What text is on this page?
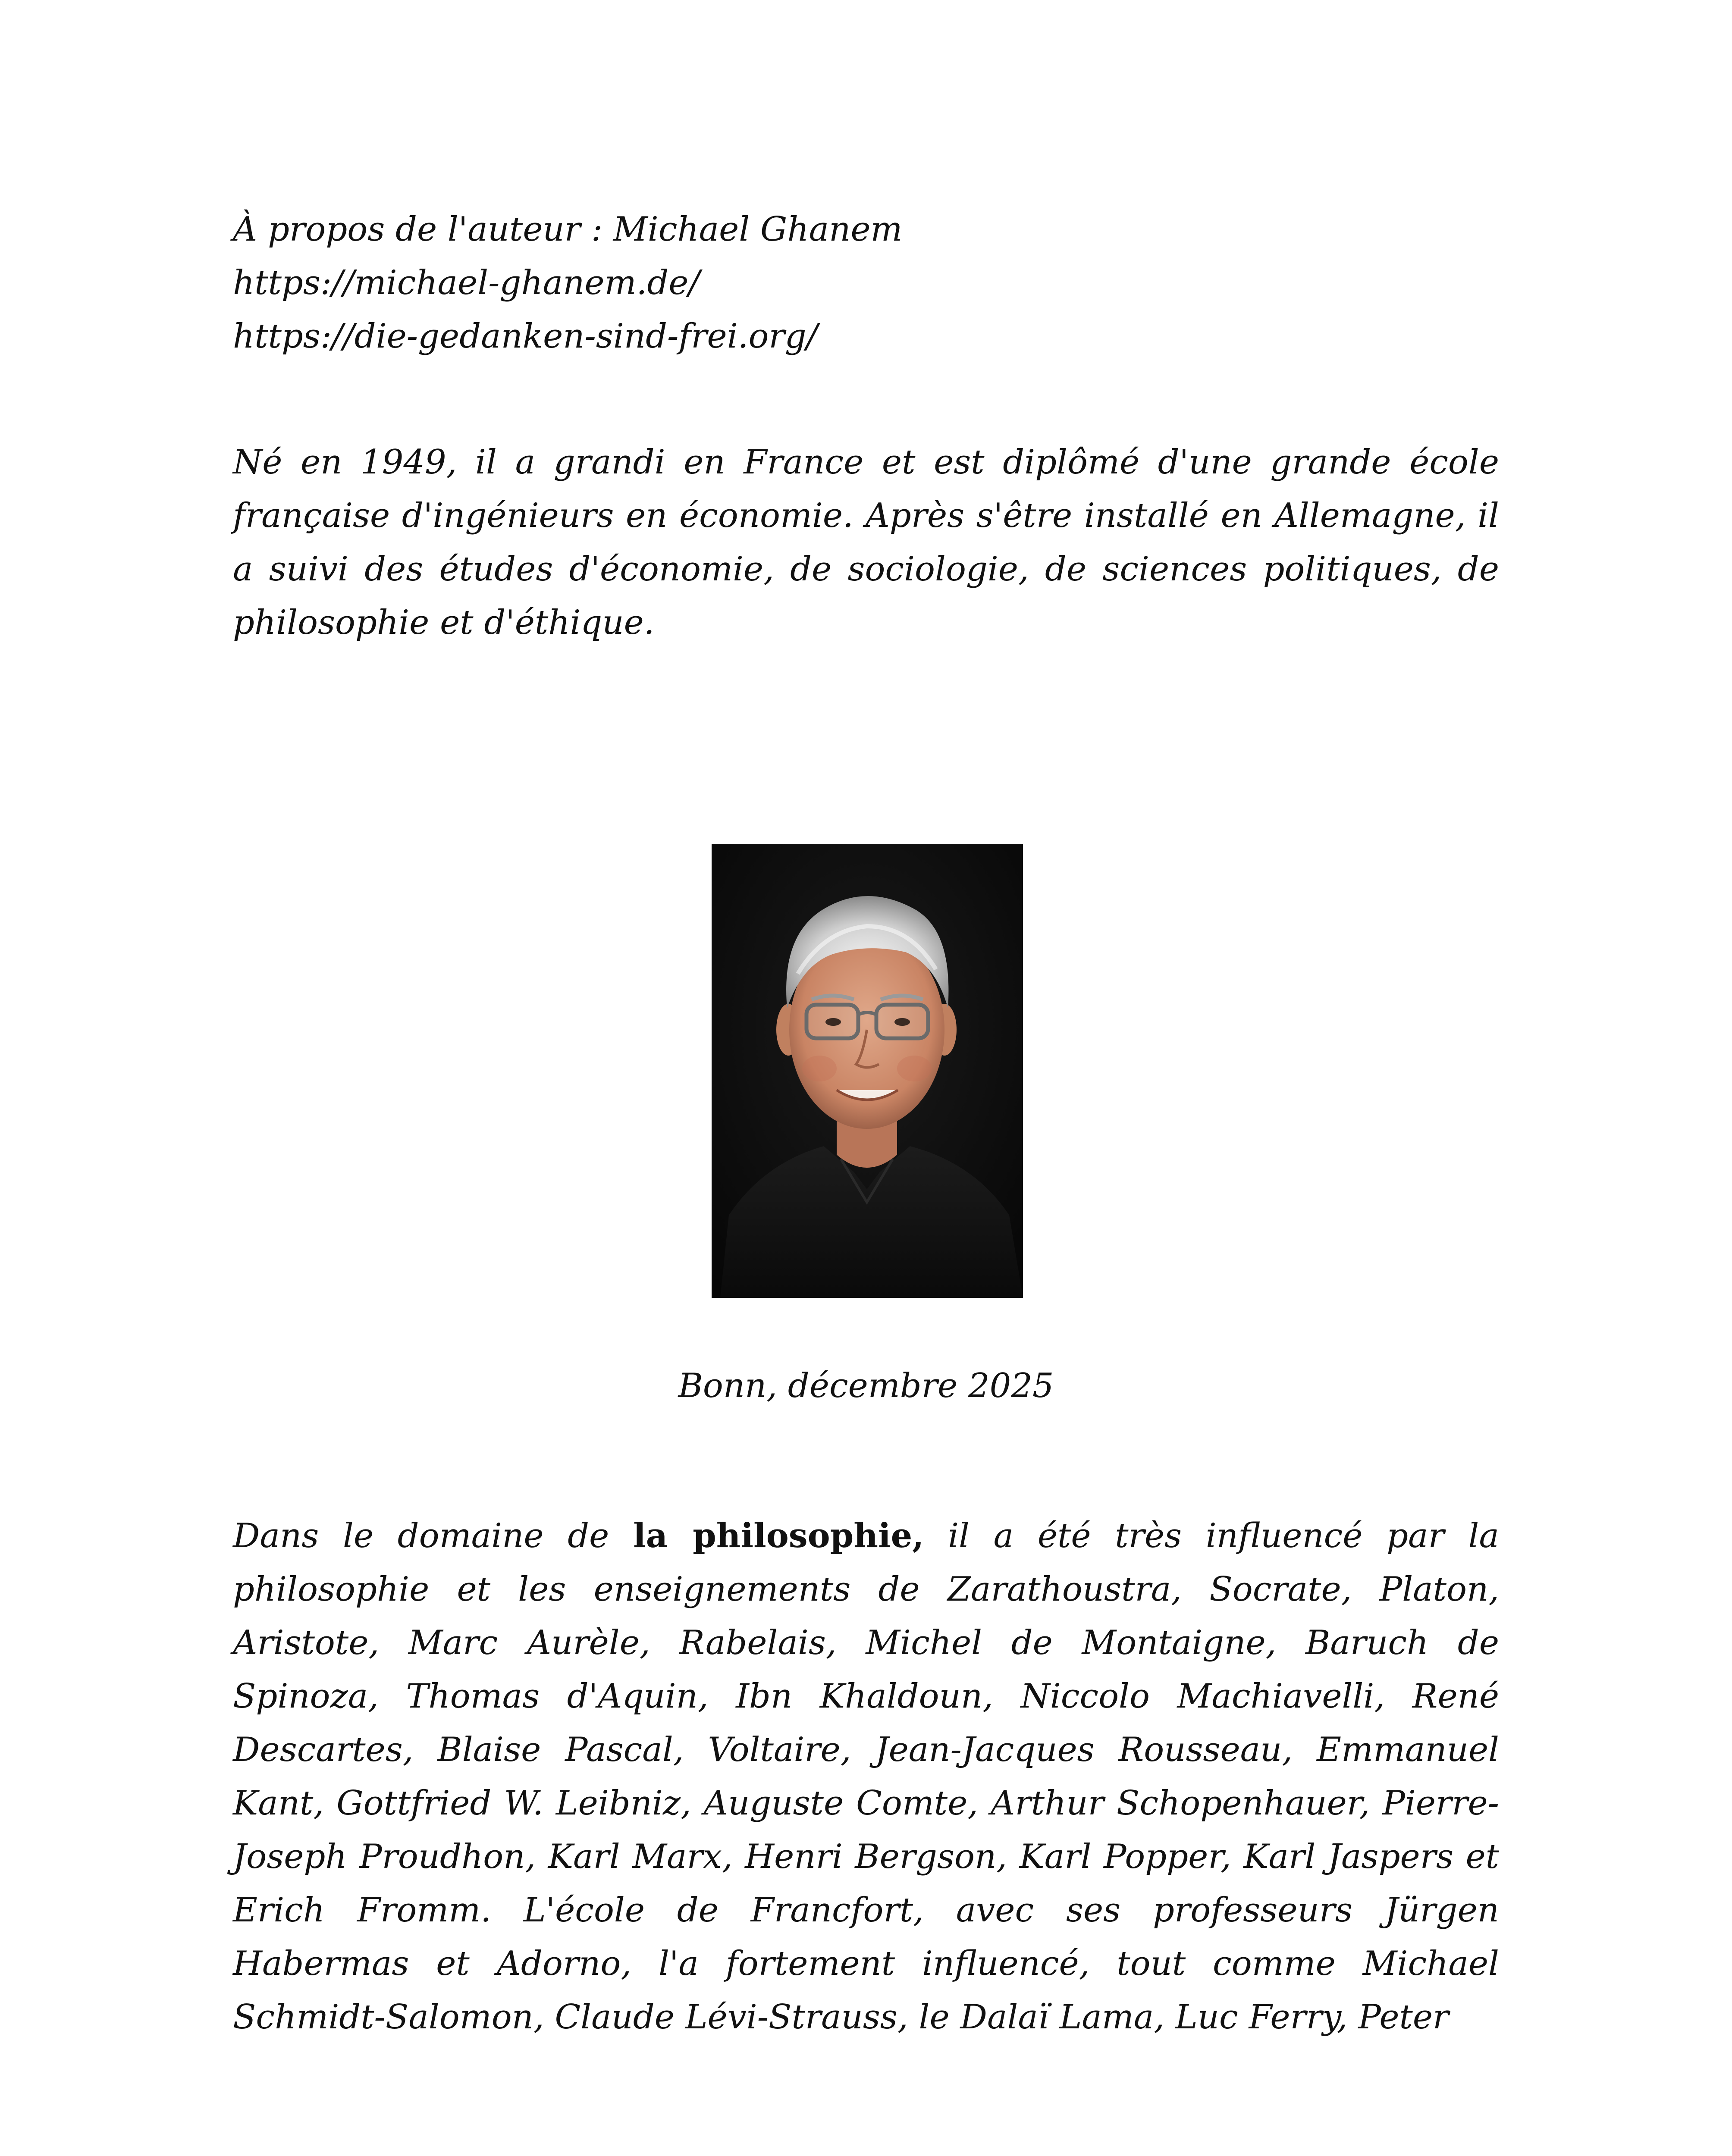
À propos de l'auteur : Michael Ghanem
https://michael-ghanem.de/
https://die-gedanken-sind-frei.org/

Né en 1949, il a grandi en France et est diplômé d'une grande école française d'ingénieurs en économie. Après s'être installé en Allemagne, il a suivi des études d'économie, de sociologie, de sciences politiques, de philosophie et d'éthique.

Bonn, décembre 2025

Dans le domaine de la philosophie, il a été très influencé par la philosophie et les enseignements de Zarathoustra, Socrate, Platon, Aristote, Marc Aurèle, Rabelais, Michel de Montaigne, Baruch de Spinoza, Thomas d'Aquin, Ibn Khaldoun, Niccolo Machiavelli, René Descartes, Blaise Pascal, Voltaire, Jean-Jacques Rousseau, Emmanuel Kant, Gottfried W. Leibniz, Auguste Comte, Arthur Schopenhauer, Pierre-Joseph Proudhon, Karl Marx, Henri Bergson, Karl Popper, Karl Jaspers et Erich Fromm. L'école de Francfort, avec ses professeurs Jürgen Habermas et Adorno, l'a fortement influencé, tout comme Michael Schmidt-Salomon, Claude Lévi-Strauss, le Dalaï Lama, Luc Ferry, Peter
